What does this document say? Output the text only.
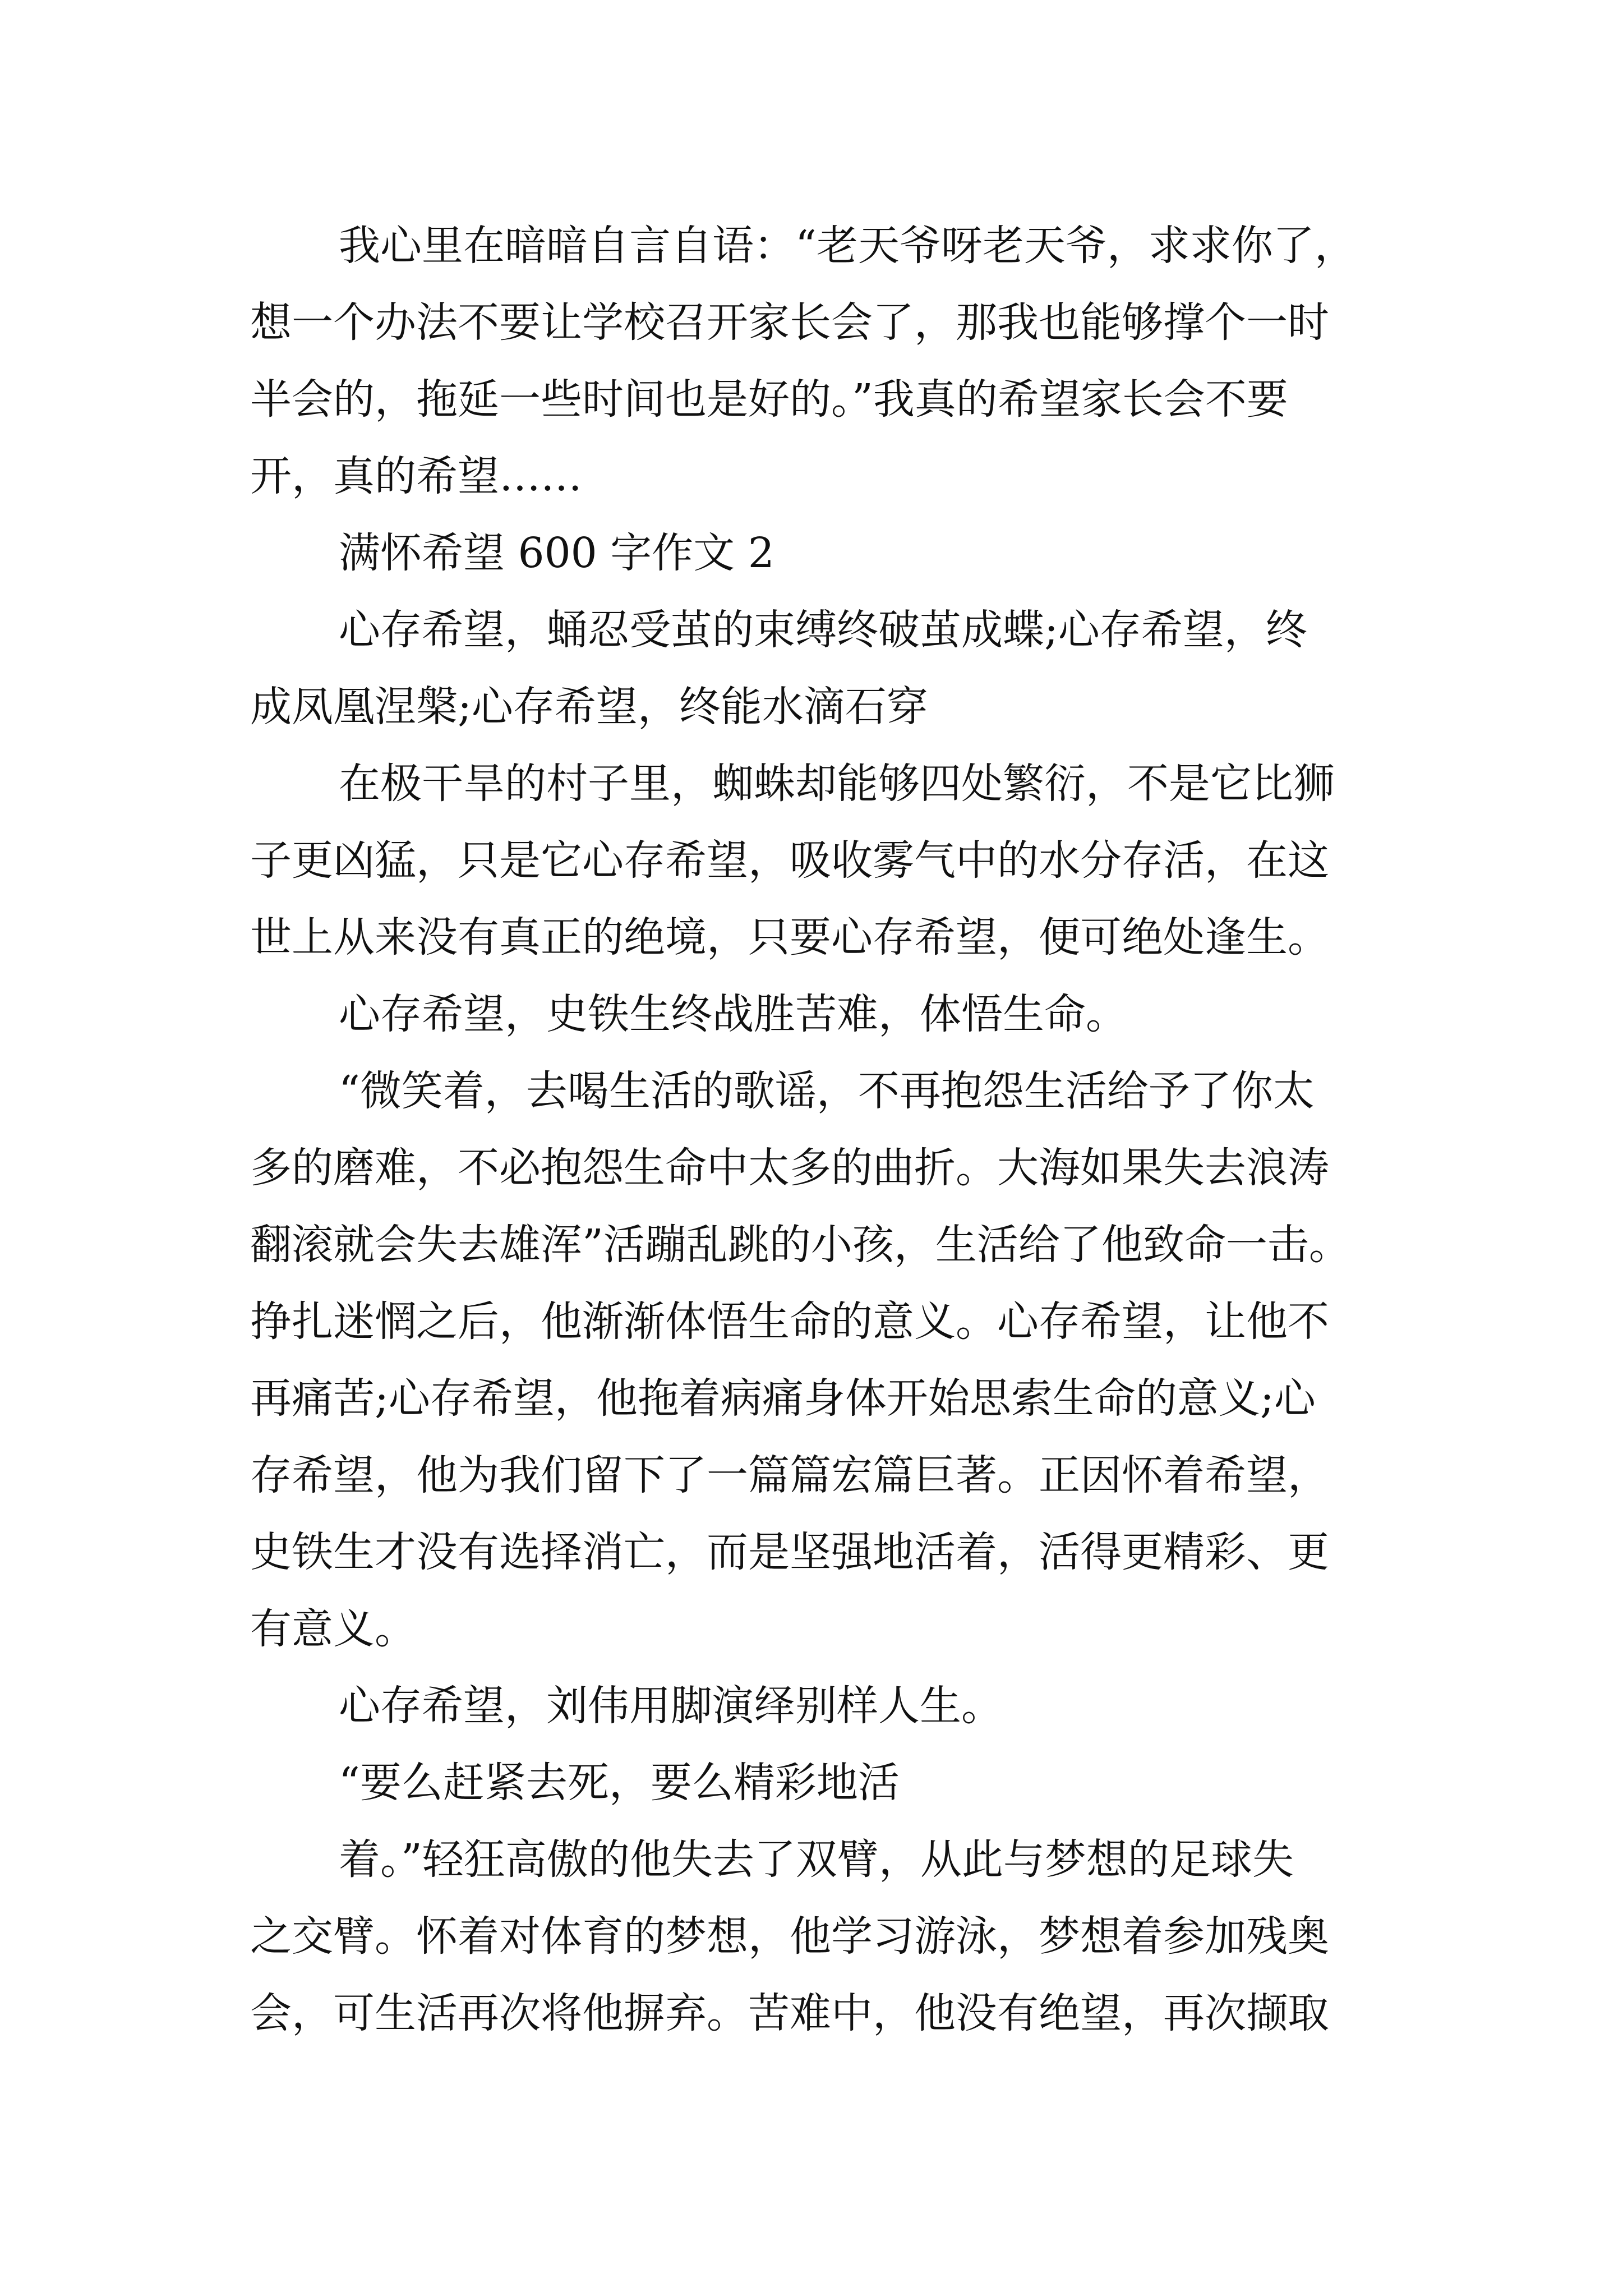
我心里在暗暗自言自语：“老天爷呀老天爷，求求你了，

想一个办法不要让学校召开家长会了，那我也能够撑个一时

半会的，拖延一些时间也是好的。”我真的希望家长会不要

开，真的希望……

满怀希望 600 字作文 2

心存希望，蛹忍受茧的束缚终破茧成蝶;心存希望，终

成凤凰涅槃;心存希望，终能水滴石穿

在极干旱的村子里，蜘蛛却能够四处繁衍，不是它比狮

子更凶猛，只是它心存希望，吸收雾气中的水分存活，在这

世上从来没有真正的绝境，只要心存希望，便可绝处逢生。

心存希望，史铁生终战胜苦难，体悟生命。

“微笑着，去喝生活的歌谣，不再抱怨生活给予了你太

多的磨难，不必抱怨生命中太多的曲折。大海如果失去浪涛

翻滚就会失去雄浑”活蹦乱跳的小孩，生活给了他致命一击。

挣扎迷惘之后，他渐渐体悟生命的意义。心存希望，让他不

再痛苦;心存希望，他拖着病痛身体开始思索生命的意义;心

存希望，他为我们留下了一篇篇宏篇巨著。正因怀着希望，

史铁生才没有选择消亡，而是坚强地活着，活得更精彩、更

有意义。

心存希望，刘伟用脚演绎别样人生。

“要么赶紧去死，要么精彩地活

着。”轻狂高傲的他失去了双臂，从此与梦想的足球失

之交臂。怀着对体育的梦想，他学习游泳，梦想着参加残奥

会，可生活再次将他摒弃。苦难中，他没有绝望，再次撷取
